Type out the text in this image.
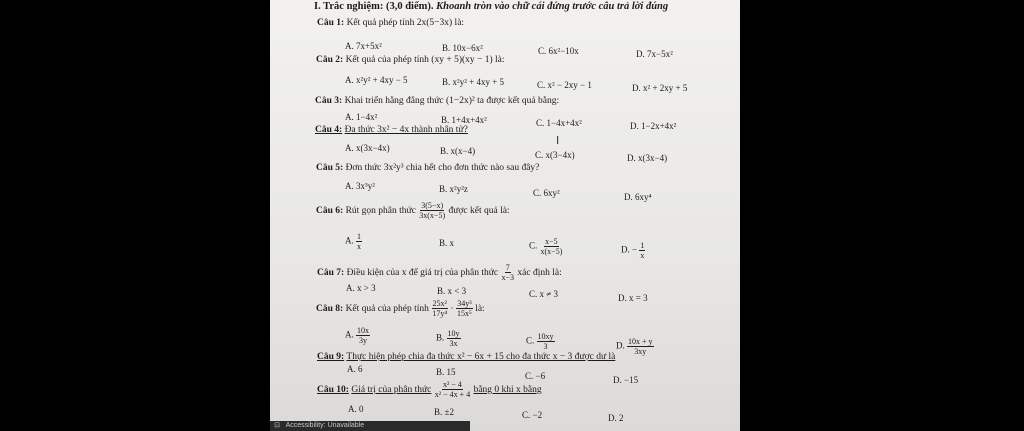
I. Trắc nghiệm: (3,0 điểm). Khoanh tròn vào chữ cái đứng trước câu trả lời đúng
Câu 1: Kết quả phép tính 2x(5−3x) là:
A. 7x+5x²	B. 10x−6x²	C. 6x²−10x	D. 7x−5x²
Câu 2: Kết quả của phép tính (xy + 5)(xy − 1) là:
A. x²y² + 4xy − 5	B. x²y² + 4xy + 5	C. x² − 2xy − 1	D. x² + 2xy + 5
Câu 3: Khai triển hằng đẳng thức (1−2x)² ta được kết quả bằng:
A. 1−4x²	B. 1+4x+4x²	C. 1−4x+4x²	D. 1−2x+4x²
Câu 4: Đa thức 3x² − 4x thành nhân tử?
A. x(3x−4x)	B. x(x−4)	C. x(3−4x)	D. x(3x−4)
Câu 5: Đơn thức 3x²y³ chia hết cho đơn thức nào sau đây?
A. 3x³y²	B. x²y²z	C. 6xy²	D. 6xy⁴
Câu 6: Rút gọn phân thức $\frac{3(5-x)}{3x(x-5)}$ được kết quả là:
A. $\frac{1}{x}$	B. x	C. $\frac{x-5}{x(x-5)}$	D. − $\frac{1}{x}$
Câu 7: Điều kiện của x để giá trị của phân thức $\frac{7}{x-3}$ xác định là:
A. x > 3	B. x < 3	C. x ≠ 3	D. x = 3
Câu 8: Kết quả của phép tính $\frac{\text{25x²}}{\text{17y⁴}} \cdot \frac{\text{34y³}}{\text{15x⁵}}$ là:
A. $\frac{10x}{3y}$	B. $\frac{10y}{3x}$	C. $\frac{10xy}{3}$	D. $\frac{10x + y}{3xy}$
Câu 9: Thực hiện phép chia đa thức x² − 6x + 15 cho đa thức x − 3 được dư là
A. 6	B. 15	C. −6	D. −15
Câu 10: Giá trị của phân thức $\frac{\text{x² − 4}}{\text{x² − 4x + 4}}$ bằng 0 khi x bằng
A. 0	B. ±2	C. −2	D. 2
I
⊡ Accessibility: Unavailable
